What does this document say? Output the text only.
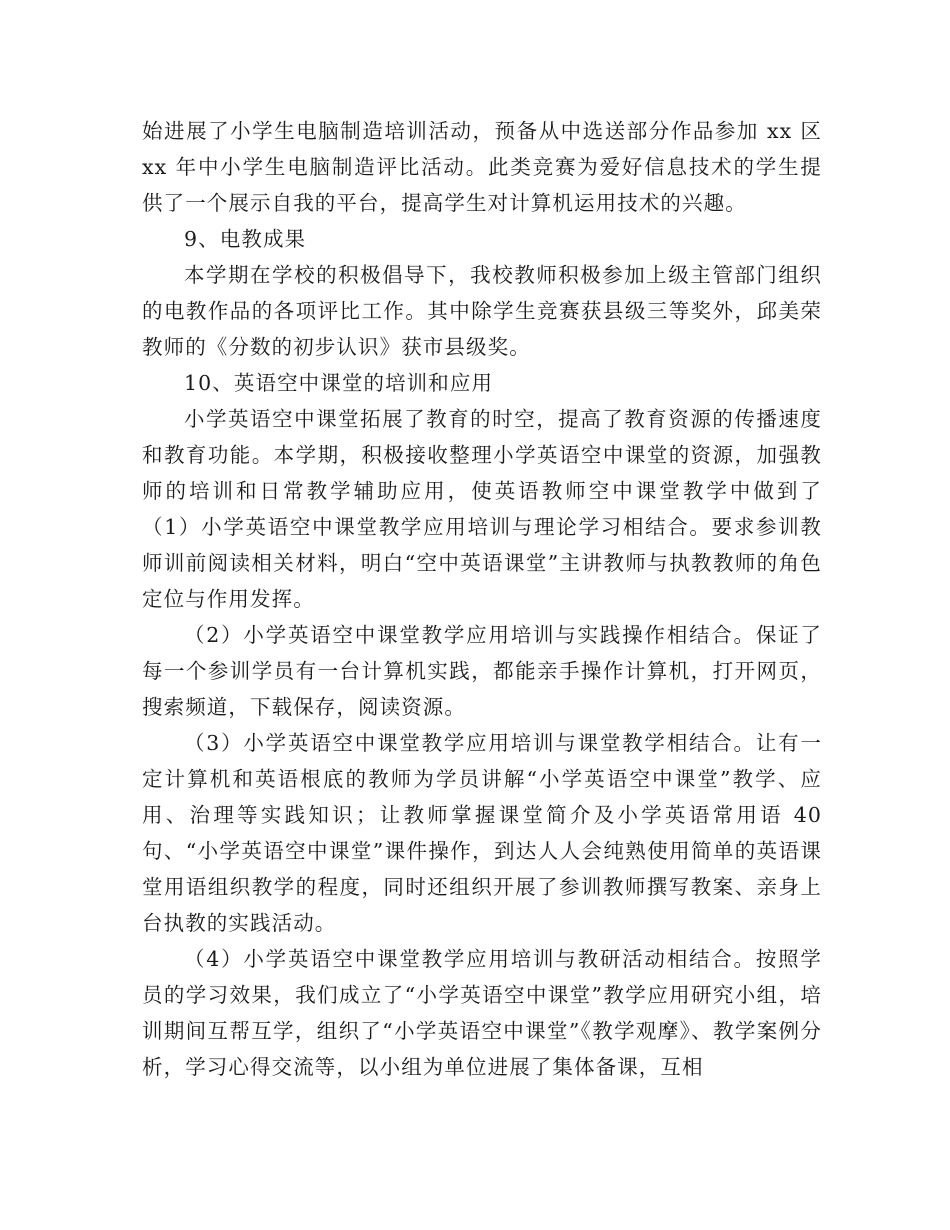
始进展了小学生电脑制造培训活动，预备从中选送部分作品参加 xx 区 xx 年中小学生电脑制造评比活动。此类竞赛为爱好信息技术的学生提供了一个展示自我的平台，提高学生对计算机运用技术的兴趣。

9、电教成果

本学期在学校的积极倡导下，我校教师积极参加上级主管部门组织的电教作品的各项评比工作。其中除学生竞赛获县级三等奖外，邱美荣教师的《分数的初步认识》获市县级奖。

10、英语空中课堂的培训和应用

小学英语空中课堂拓展了教育的时空，提高了教育资源的传播速度和教育功能。本学期，积极接收整理小学英语空中课堂的资源，加强教师的培训和日常教学辅助应用，使英语教师空中课堂教学中做到了　　（1）小学英语空中课堂教学应用培训与理论学习相结合。要求参训教师训前阅读相关材料，明白“空中英语课堂”主讲教师与执教教师的角色定位与作用发挥。

（2）小学英语空中课堂教学应用培训与实践操作相结合。保证了每一个参训学员有一台计算机实践，都能亲手操作计算机，打开网页，搜索频道，下载保存，阅读资源。

（3）小学英语空中课堂教学应用培训与课堂教学相结合。让有一定计算机和英语根底的教师为学员讲解“小学英语空中课堂”教学、应用、治理等实践知识；让教师掌握课堂简介及小学英语常用语 40 句、“小学英语空中课堂”课件操作，到达人人会纯熟使用简单的英语课堂用语组织教学的程度，同时还组织开展了参训教师撰写教案、亲身上台执教的实践活动。

（4）小学英语空中课堂教学应用培训与教研活动相结合。按照学员的学习效果，我们成立了“小学英语空中课堂”教学应用研究小组，培训期间互帮互学，组织了“小学英语空中课堂”《教学观摩》、教学案例分析，学习心得交流等，以小组为单位进展了集体备课，互相
